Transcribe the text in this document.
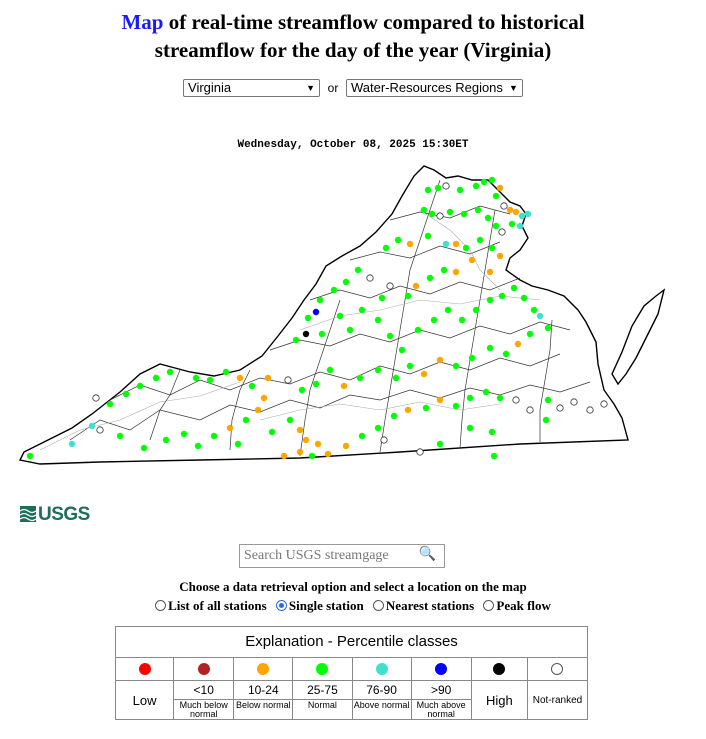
Map of real-time streamflow compared to historical
streamflow for the day of the year (Virginia)
Virginia	▼ or Water-Resources Regions ▼
Wednesday, October 08, 2025 15:30ET
USGS
Search USGS streamgage 🔍
Choose a data retrieval option and select a location on the map
List of all stations Single station Nearest stations Peak flow
Explanation - Percentile classes
Low
<10
Much below normal
10-24
Below normal
25-75
Normal
76-90
Above normal
>90
Much above normal
High	Not-ranked
